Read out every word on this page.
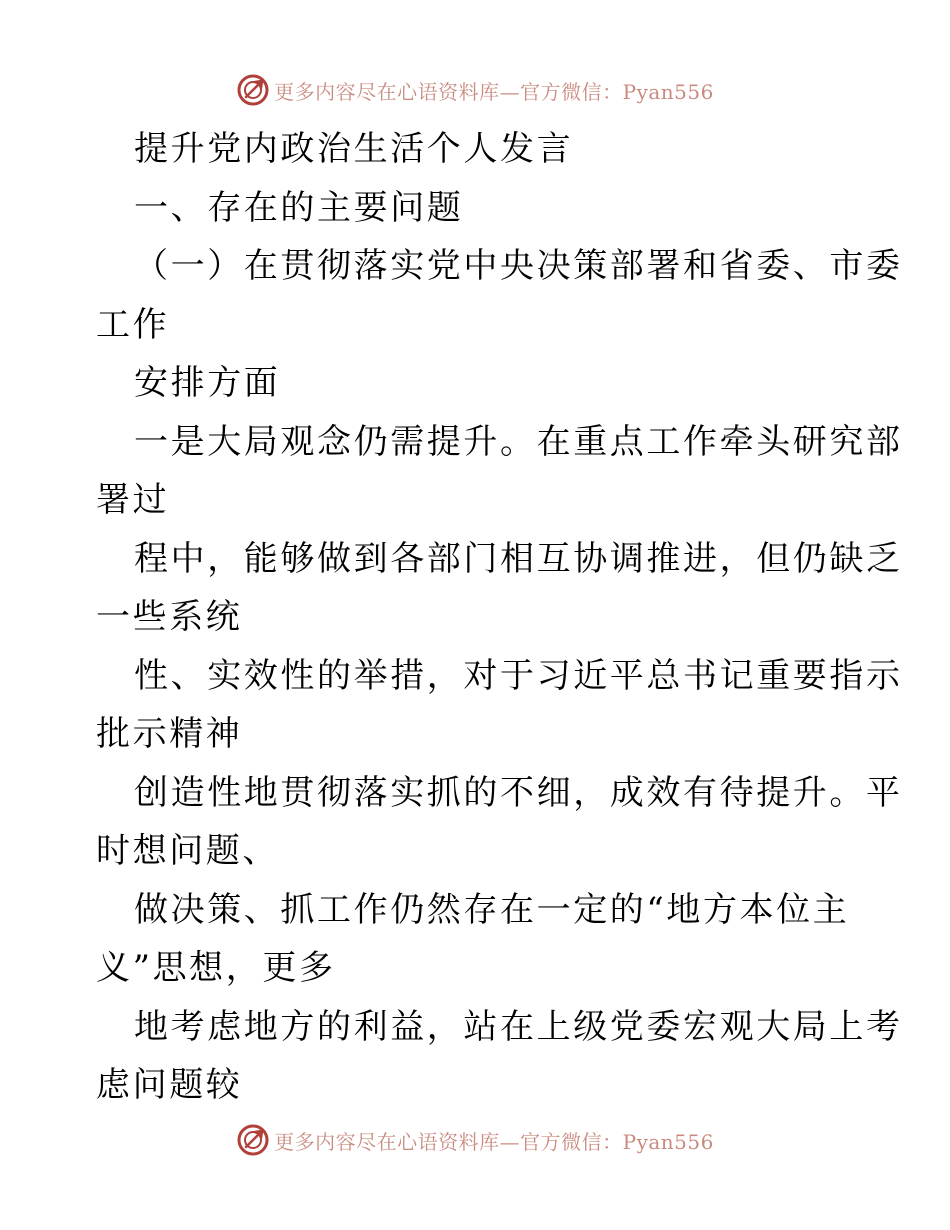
更多内容尽在心语资料库—官方微信：Pyan556
提升党内政治生活个人发言
一、存在的主要问题
（一）在贯彻落实党中央决策部署和省委、市委
工作
安排方面
一是大局观念仍需提升。在重点工作牵头研究部
署过
程中，能够做到各部门相互协调推进，但仍缺乏
一些系统
性、实效性的举措，对于习近平总书记重要指示
批示精神
创造性地贯彻落实抓的不细，成效有待提升。平
时想问题、
做决策、抓工作仍然存在一定的“地方本位主
义”思想，更多
地考虑地方的利益，站在上级党委宏观大局上考
虑问题较
更多内容尽在心语资料库—官方微信：Pyan556
